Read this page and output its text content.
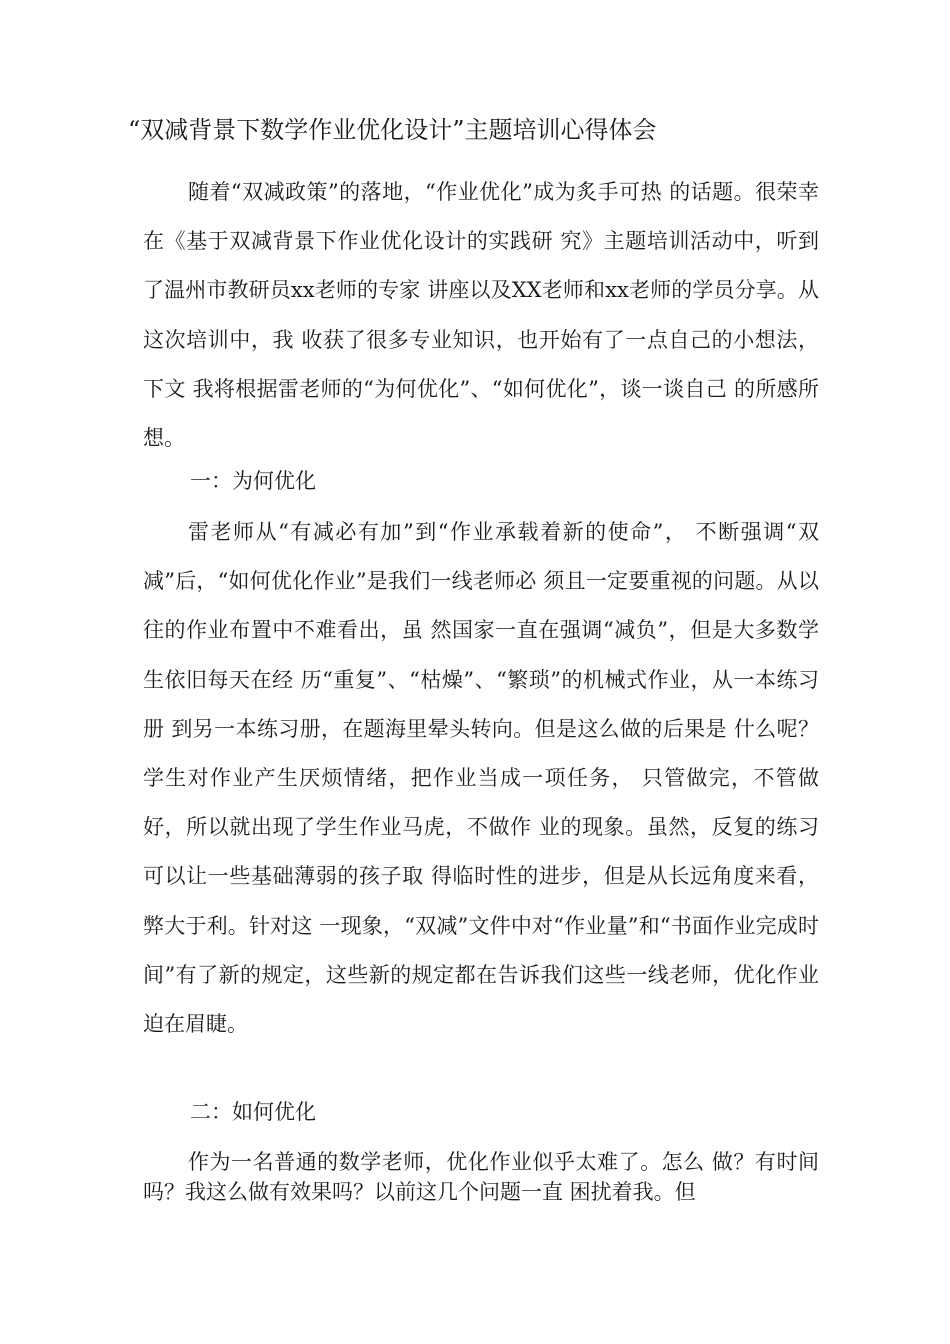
“双减背景下数学作业优化设计”主题培训心得体会

随着“双减政策”的落地，“作业优化”成为炙手可热 的话题。很荣幸在《基于双减背景下作业优化设计的实践研 究》主题培训活动中，听到了温州市教研员xx老师的专家 讲座以及XX老师和xx老师的学员分享。从这次培训中，我 收获了很多专业知识，也开始有了一点自己的小想法，下文 我将根据雷老师的“为何优化”、“如何优化”，谈一谈自己 的所感所想。

一：为何优化

雷老师从“有减必有加”到“作业承载着新的使命”， 不断强调“双减”后，“如何优化作业”是我们一线老师必 须且一定要重视的问题。从以往的作业布置中不难看出，虽 然国家一直在强调“减负”，但是大多数学生依旧每天在经 历“重复”、“枯燥”、“繁琐”的机械式作业，从一本练习册 到另一本练习册，在题海里晕头转向。但是这么做的后果是 什么呢？学生对作业产生厌烦情绪，把作业当成一项任务， 只管做完，不管做好，所以就出现了学生作业马虎，不做作 业的现象。虽然，反复的练习可以让一些基础薄弱的孩子取 得临时性的进步，但是从长远角度来看，弊大于利。针对这 一现象，“双减”文件中对“作业量”和“书面作业完成时 间”有了新的规定，这些新的规定都在告诉我们这些一线老师，优化作业迫在眉睫。

二：如何优化

作为一名普通的数学老师，优化作业似乎太难了。怎么 做？有时间吗？我这么做有效果吗？以前这几个问题一直 困扰着我。但
